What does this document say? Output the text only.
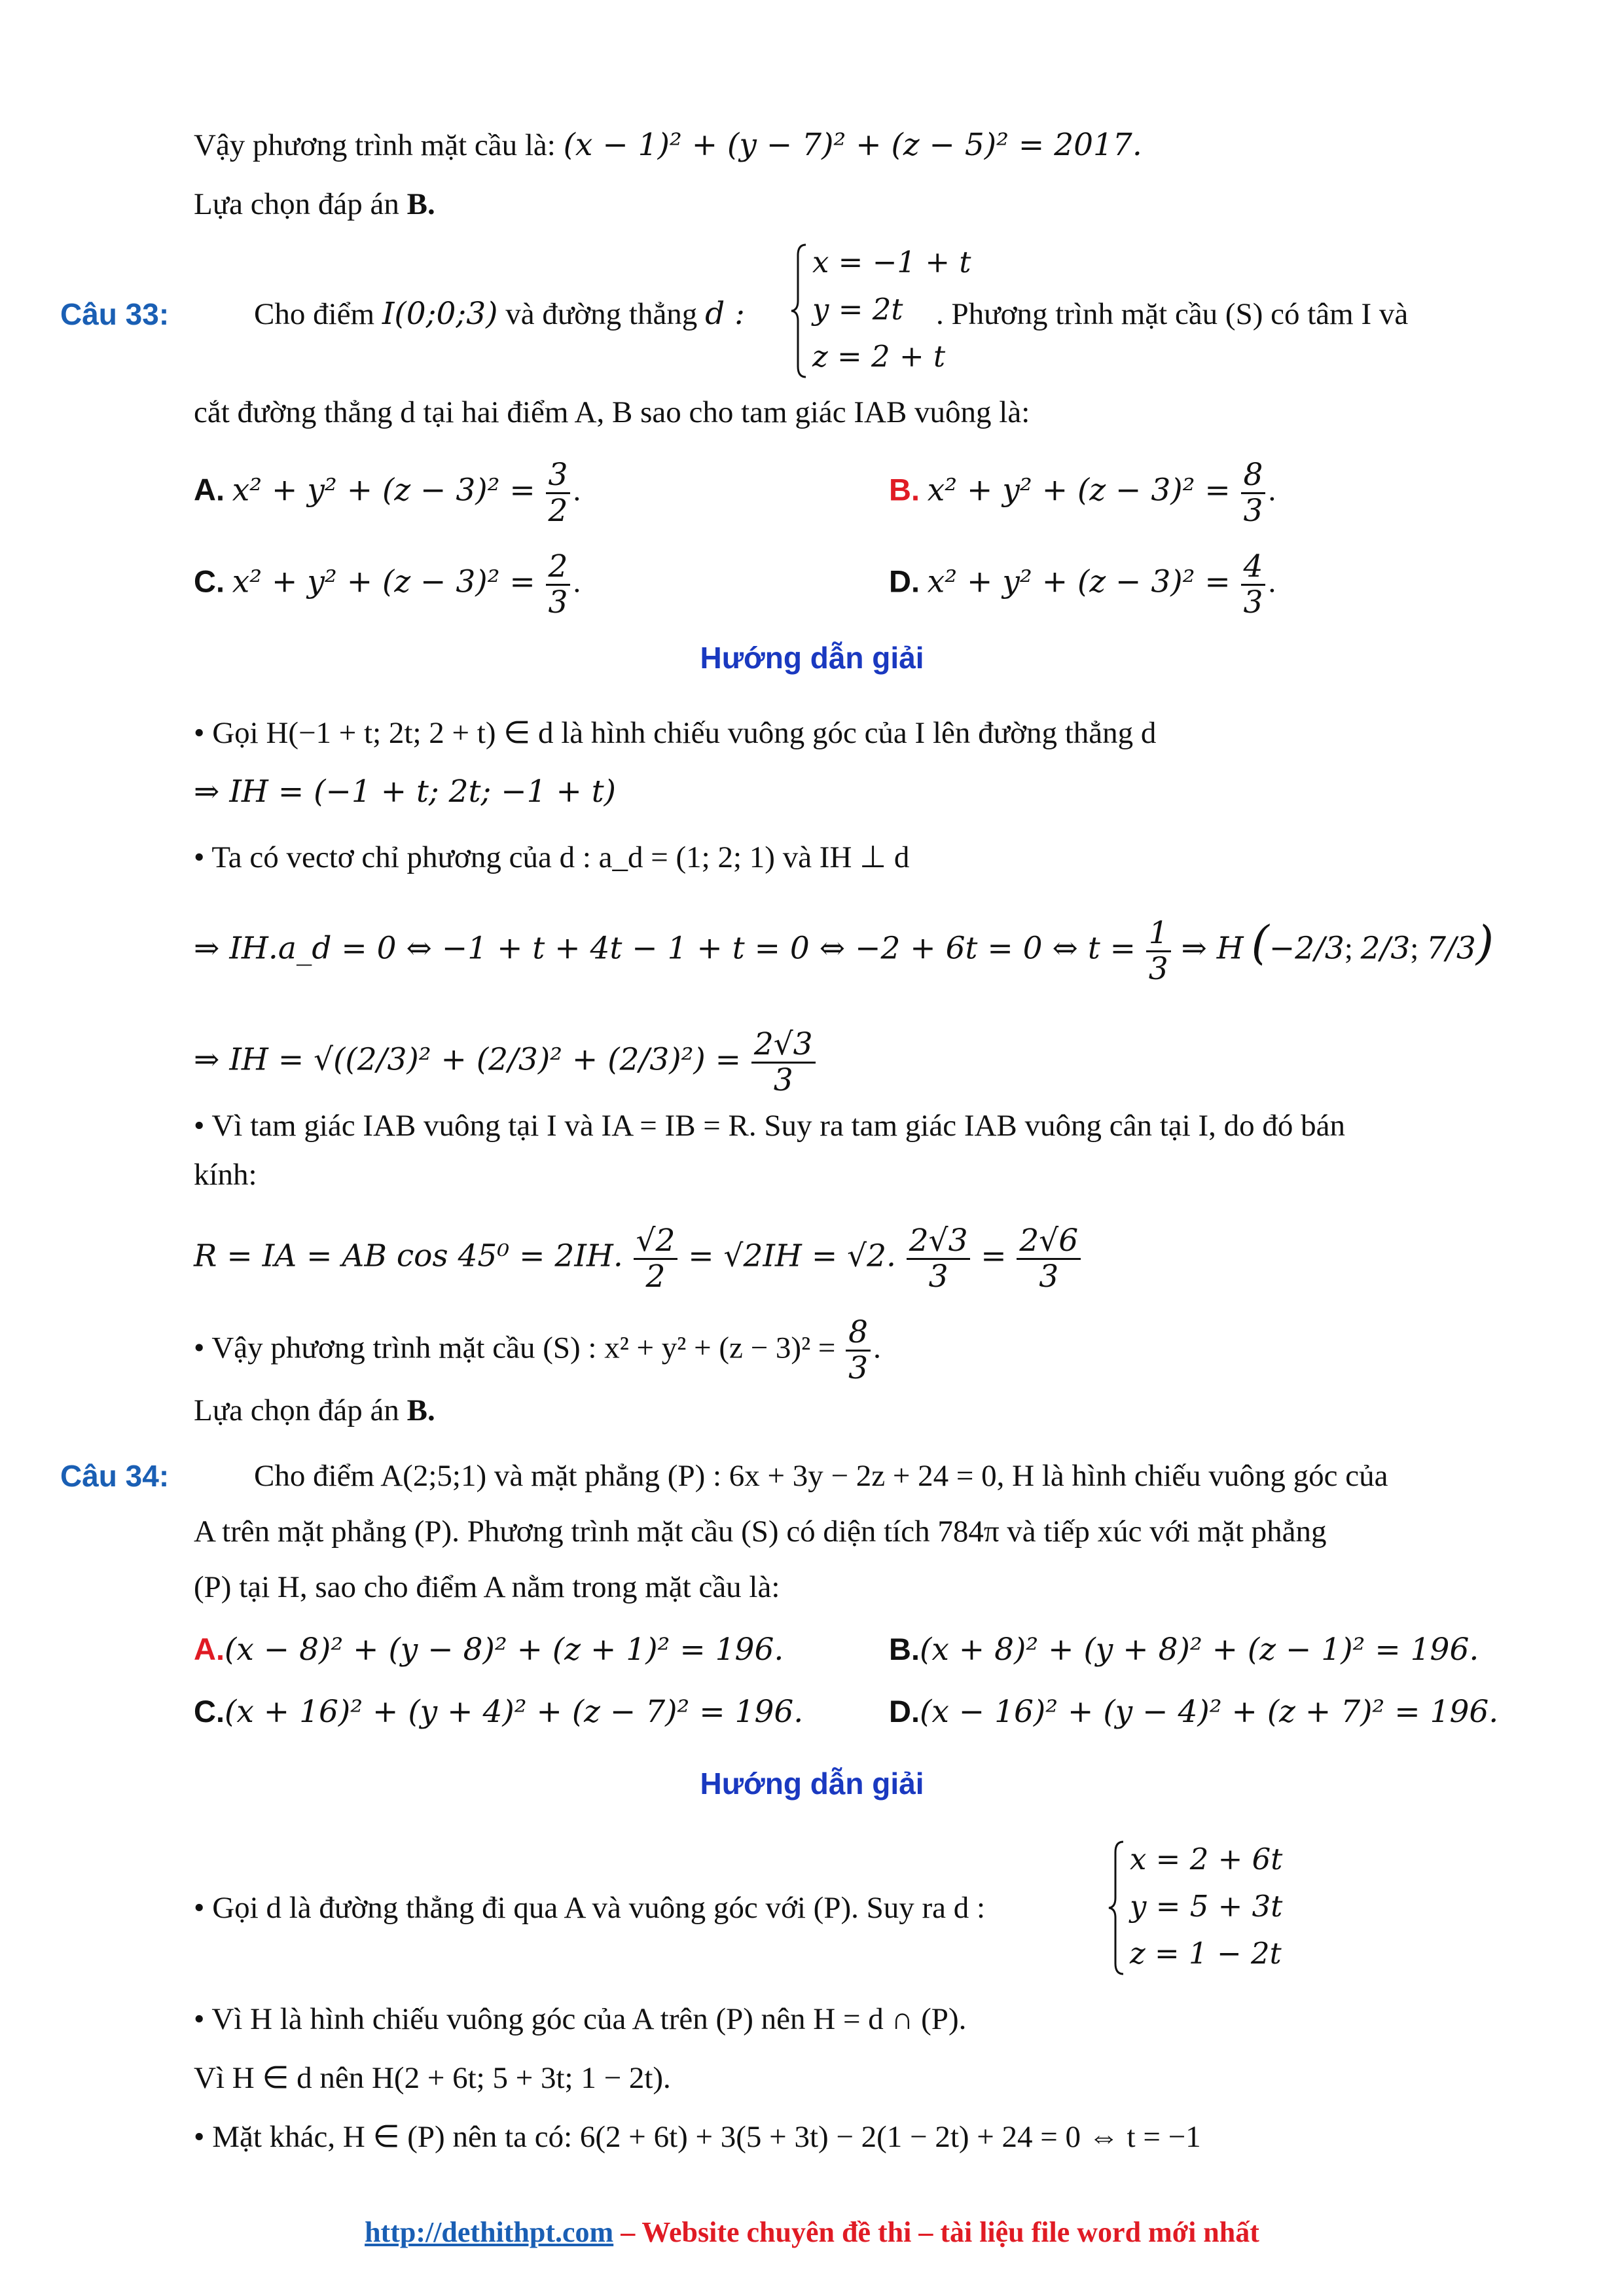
Vậy phương trình mặt cầu là: (x − 1)² + (y − 7)² + (z − 5)² = 2017.
Lựa chọn đáp án B.
Câu 33:	Cho điểm I(0;0;3) và đường thẳng d :
x = −1 + t
y = 2t
z = 2 + t
. Phương trình mặt cầu (S) có tâm I và
cắt đường thẳng d tại hai điểm A, B sao cho tam giác IAB vuông là:
A. $x^2 + y^2 + (z - 3)^2 = \frac{3}{2}$ .	B. $x^2 + y^2 + (z - 3)^2 = \frac{8}{3}$ .
C. $x^2 + y^2 + (z - 3)^2 = \frac{2}{3}$ .	D. $x^2 + y^2 + (z - 3)^2 = \frac{4}{3}$ .
Hướng dẫn giải
• Gọi H(−1 + t; 2t; 2 + t) ∈ d là hình chiếu vuông góc của I lên đường thẳng d
⇒ IH = (−1 + t; 2t; −1 + t)
• Ta có vectơ chỉ phương của d : a_d = (1; 2; 1) và IH ⊥ d
⇒ IH.a_d = 0 ⇔ −1 + t + 4t − 1 + t = 0 ⇔ −2 + 6t = 0 ⇔ $t = \frac{1}{3}$ ⇒ H (−2/3; 2/3; 7/3)
⇒ IH = $√((2/3)^2 + (2/3)^2 + (2/3)^2) = \frac{2√3}{3}$
• Vì tam giác IAB vuông tại I và IA = IB = R. Suy ra tam giác IAB vuông cân tại I, do đó bán
kính:
R = IA = AB cos 45⁰ = 2IH. $\frac{√2}{2} = √2IH = √2$. $\frac{2√3}{3} = \frac{2√6}{3}$
• Vậy phương trình mặt cầu (S) : $x^2 + y^2 + (z - 3)^2 = \frac{8}{3}$ .
Lựa chọn đáp án B.
Câu 34:	Cho điểm A(2;5;1) và mặt phẳng (P) : 6x + 3y − 2z + 24 = 0, H là hình chiếu vuông góc của
A trên mặt phẳng (P). Phương trình mặt cầu (S) có diện tích 784π và tiếp xúc với mặt phẳng
(P) tại H, sao cho điểm A nằm trong mặt cầu là:
A.(x − 8)² + (y − 8)² + (z + 1)² = 196.	B.(x + 8)² + (y + 8)² + (z − 1)² = 196.
C.(x + 16)² + (y + 4)² + (z − 7)² = 196.	D.(x − 16)² + (y − 4)² + (z + 7)² = 196.
Hướng dẫn giải
• Gọi d là đường thẳng đi qua A và vuông góc với (P). Suy ra d :
x = 2 + 6t
y = 5 + 3t
z = 1 − 2t
• Vì H là hình chiếu vuông góc của A trên (P) nên H = d ∩ (P).
Vì H ∈ d nên H(2 + 6t; 5 + 3t; 1 − 2t).
• Mặt khác, H ∈ (P) nên ta có: 6(2 + 6t) + 3(5 + 3t) − 2(1 − 2t) + 24 = 0 ⇔ t = −1
http://dethithpt.com – Website chuyên đề thi – tài liệu file word mới nhất
